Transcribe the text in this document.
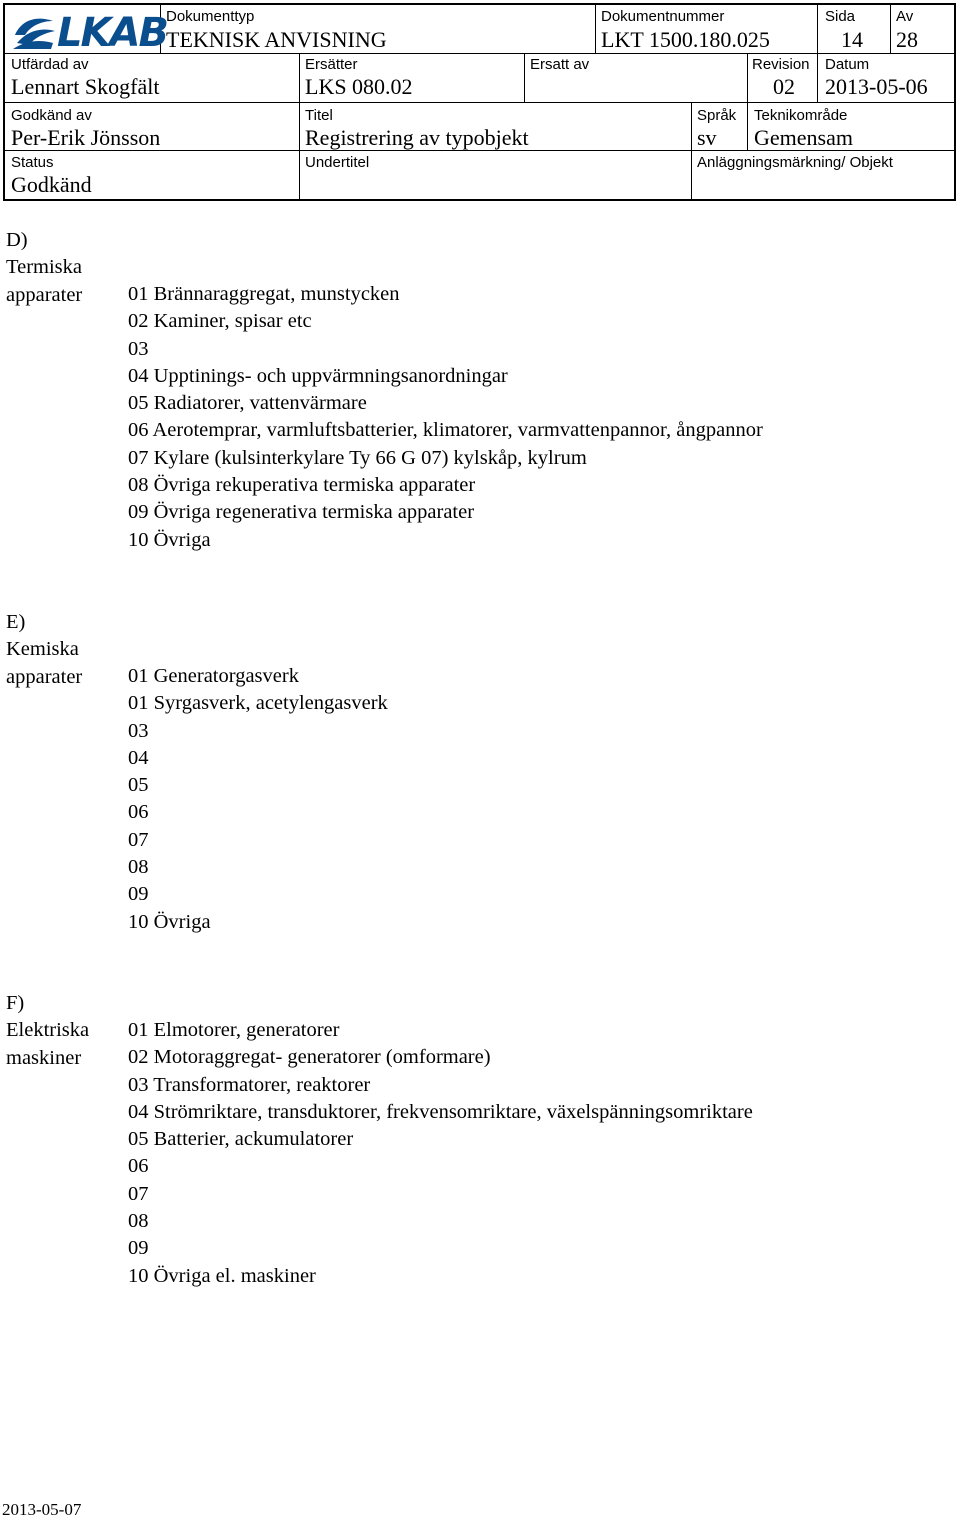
LKAB Dokumenttyp
TEKNISK ANVISNING
Dokumentnummer
LKT 1500.180.025
Sida
14
Av
28
Utfärdad av
Lennart Skogfält
Ersätter
LKS 080.02
Ersatt av	Revision
02
Datum
2013-05-06
Godkänd av
Per-Erik Jönsson
Titel
Registrering av typobjekt
Språk
sv
Teknikområde
Gemensam
Status
Godkänd
Undertitel	Anläggningsmärkning/ Objekt
D) Termiska apparater 01 Brännaraggregat, munstycken
02 Kaminer, spisar etc
03
04 Upptinings- och uppvärmningsanordningar
05 Radiatorer, vattenvärmare
06 Aerotemprar, varmluftsbatterier, klimatorer, varmvattenpannor, ångpannor
07 Kylare (kulsinterkylare Ty 66 G 07) kylskåp, kylrum
08 Övriga rekuperativa termiska apparater
09 Övriga regenerativa termiska apparater
10 Övriga
E) Kemiska apparater 01 Generatorgasverk
01 Syrgasverk, acetylengasverk
03
04
05
06
07
08
09
10 Övriga
F) Elektriska maskiner
01 Elmotorer, generatorer
02 Motoraggregat- generatorer (omformare)
03 Transformatorer, reaktorer
04 Strömriktare, transduktorer, frekvensomriktare, växelspänningsomriktare
05 Batterier, ackumulatorer
06
07
08
09
10 Övriga el. maskiner
2013-05-07
